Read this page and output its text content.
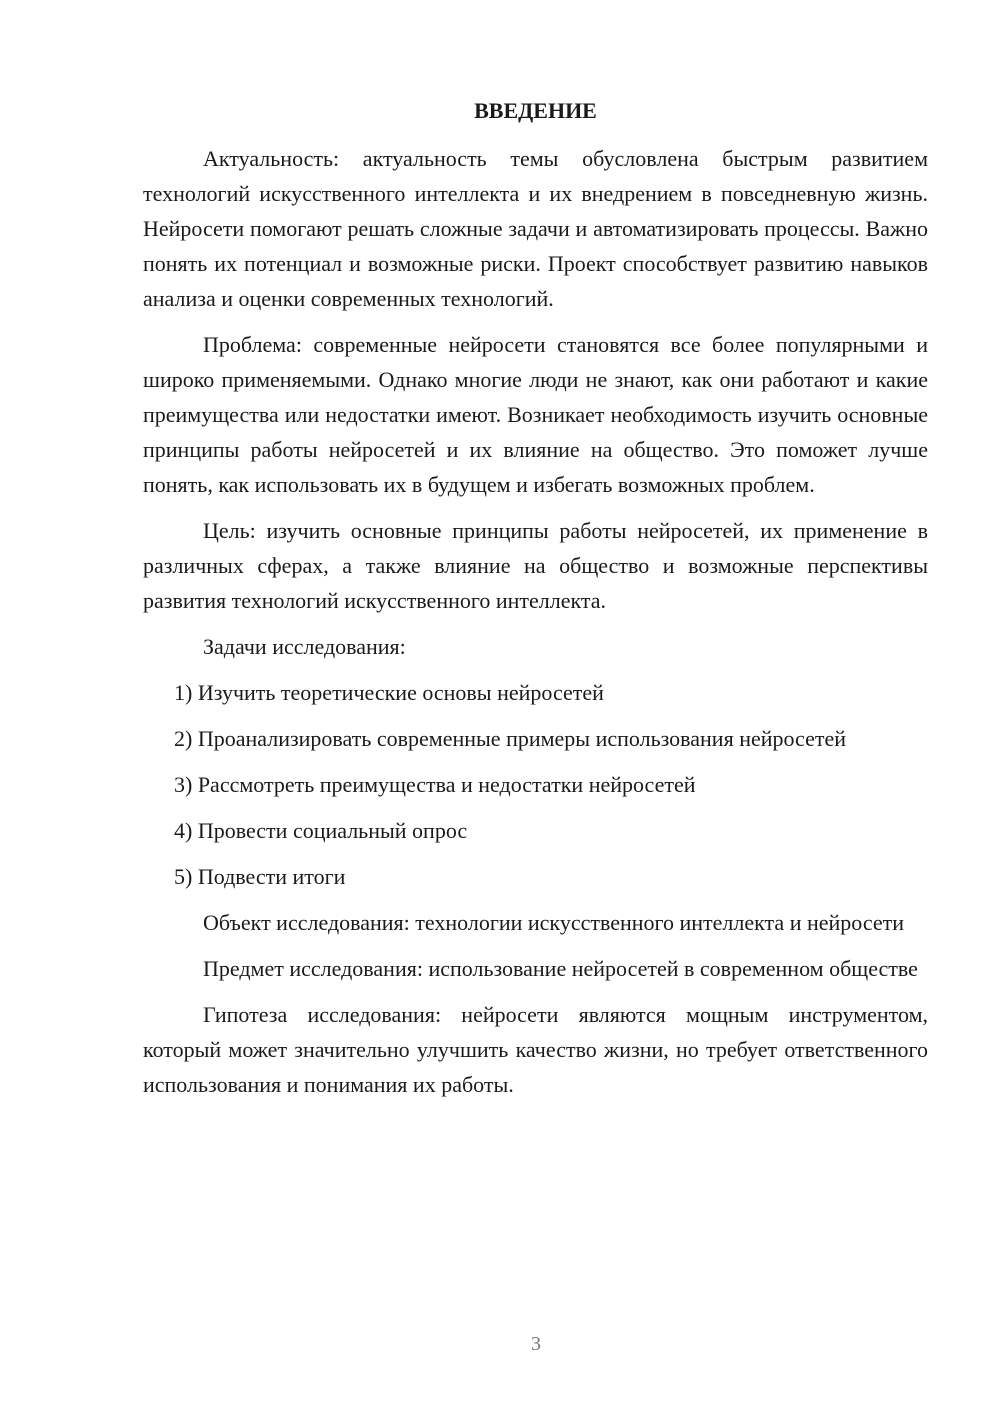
ВВЕДЕНИЕ

Актуальность: актуальность темы обусловлена быстрым развитием технологий искусственного интеллекта и их внедрением в повседневную жизнь. Нейросети помогают решать сложные задачи и автоматизировать процессы. Важно понять их потенциал и возможные риски. Проект способствует развитию навыков анализа и оценки современных технологий.

Проблема: современные нейросети становятся все более популярными и широко применяемыми. Однако многие люди не знают, как они работают и какие преимущества или недостатки имеют. Возникает необходимость изучить основные принципы работы нейросетей и их влияние на общество. Это поможет лучше понять, как использовать их в будущем и избегать возможных проблем.

Цель: изучить основные принципы работы нейросетей, их применение в различных сферах, а также влияние на общество и возможные перспективы развития технологий искусственного интеллекта.

Задачи исследования:

1) Изучить теоретические основы нейросетей

2) Проанализировать современные примеры использования нейросетей

3) Рассмотреть преимущества и недостатки нейросетей

4) Провести социальный опрос

5) Подвести итоги

Объект исследования: технологии искусственного интеллекта и нейросети

Предмет исследования: использование нейросетей в современном обществе

Гипотеза исследования: нейросети являются мощным инструментом, который может значительно улучшить качество жизни, но требует ответственного использования и понимания их работы.

3
